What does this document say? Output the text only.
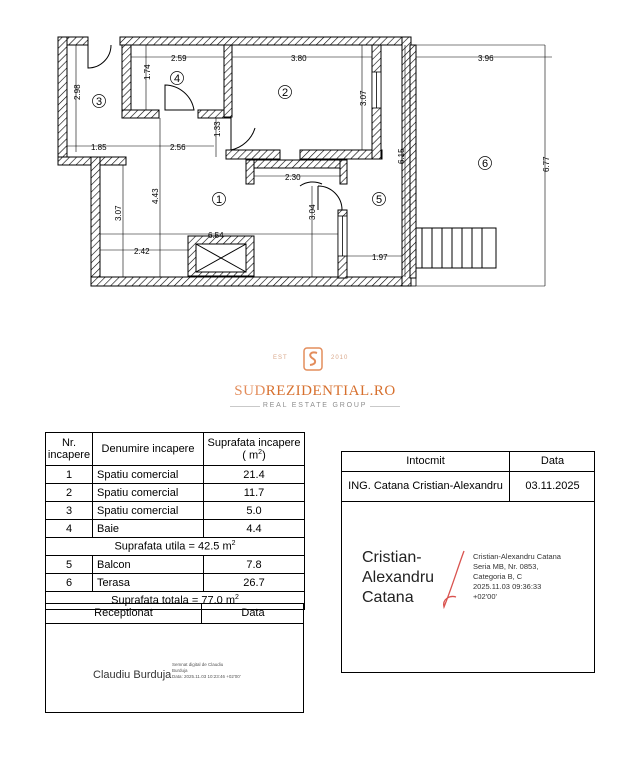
2.59	3.80	3.96
2.98
1.74
3.07
1.33
1.85	2.56
2.30
6.15
6.77
3.07
4.43
3.04
6.54
2.42
1.97
1
2
3
4
5
6
EST	2010
SUDREZIDENTIAL.RO
REAL ESTATE GROUP
Nr. incapere	Denumire incapere	Suprafata incapere
( $m^2$)
1	Spatiu comercial	21.4
2	Spatiu comercial	11.7
3	Spatiu comercial	5.0
4	Baie	4.4
Suprafata utila = 42.5 $m^2$
5	Balcon	7.8
6	Terasa	26.7
Suprafata totala = 77.0 $m^2$
Receptionat	Data
Claudiu Burduja
Semnat digital de Claudiu
Burduja
Data: 2025.11.03 10:23:46 +02'00'
Intocmit	Data
ING. Catana Cristian-Alexandru	03.11.2025
Cristian-
Alexandru
Catana
Cristian-Alexandru Catana
Seria MB, Nr. 0853,
Categoria B, C
2025.11.03 09:36:33
+02'00'
